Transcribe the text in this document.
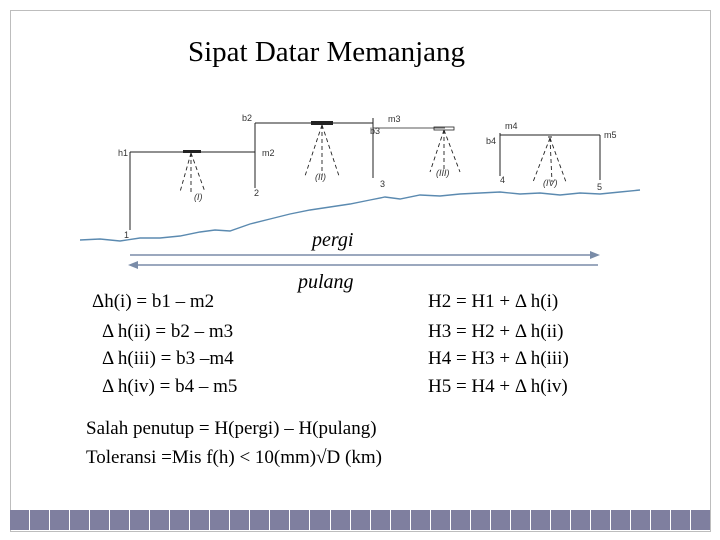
Sipat Datar Memanjang
h1
b2
m2
m3
b3	m4
b4
m5
1
2
3	4
5
(I)
(II)	(III)
(IV)
pergi
pulang
Δh(i) = b1 – m2
Δ h(ii) = b2 – m3
Δ h(iii) = b3 –m4
Δ h(iv) = b4 – m5
H2 = H1 + Δ h(i)
H3 = H2 + Δ h(ii)
H4 = H3 + Δ h(iii)
H5 = H4 + Δ h(iv)
Salah penutup = H(pergi) – H(pulang)
Toleransi =Mis f(h) < 10(mm)√D (km)
